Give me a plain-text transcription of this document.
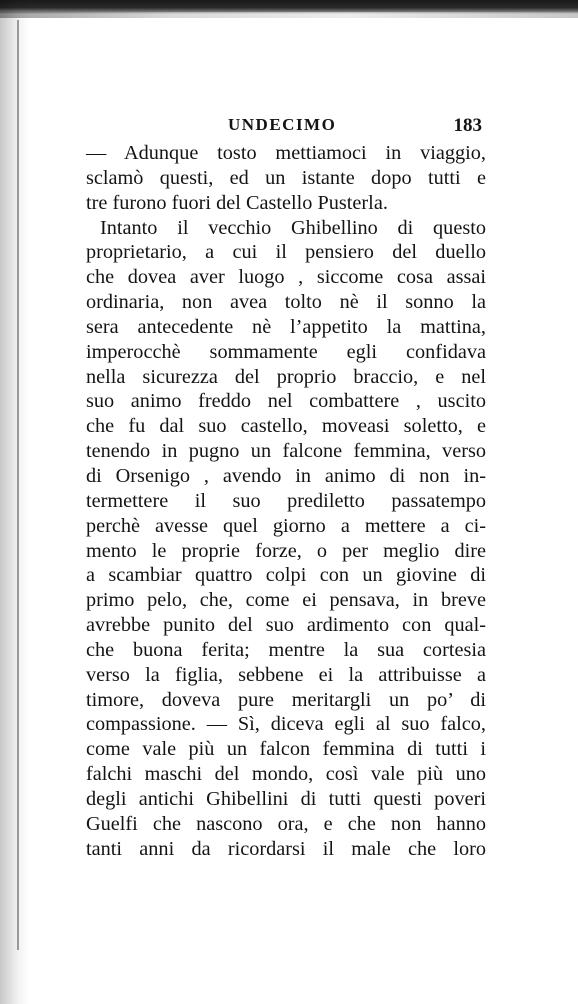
UNDECIMO	183
— Adunque tosto mettiamoci in viaggio,
sclamò questi, ed un istante dopo tutti e
tre furono fuori del Castello Pusterla.
Intanto il vecchio Ghibellino di questo
proprietario, a cui il pensiero del duello
che dovea aver luogo , siccome cosa assai
ordinaria, non avea tolto nè il sonno la
sera antecedente nè l’appetito la mattina,
imperocchè sommamente egli confidava
nella sicurezza del proprio braccio, e nel
suo animo freddo nel combattere , uscito
che fu dal suo castello, moveasi soletto, e
tenendo in pugno un falcone femmina, verso
di Orsenigo , avendo in animo di non in-
termettere il suo prediletto passatempo
perchè avesse quel giorno a mettere a ci-
mento le proprie forze, o per meglio dire
a scambiar quattro colpi con un giovine di
primo pelo, che, come ei pensava, in breve
avrebbe punito del suo ardimento con qual-
che buona ferita; mentre la sua cortesia
verso la figlia, sebbene ei la attribuisse a
timore, doveva pure meritargli un po’ di
compassione. — Sì, diceva egli al suo falco,
come vale più un falcon femmina di tutti i
falchi maschi del mondo, così vale più uno
degli antichi Ghibellini di tutti questi poveri
Guelfi che nascono ora, e che non hanno
tanti anni da ricordarsi il male che loro
